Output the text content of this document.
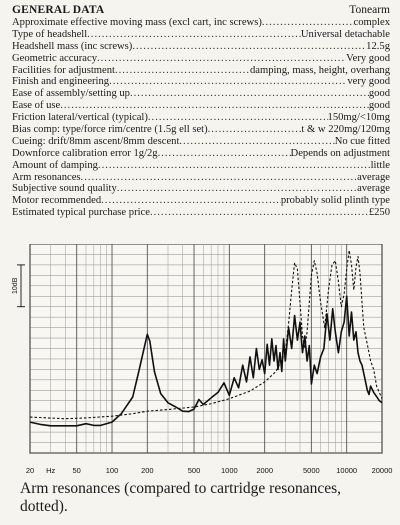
GENERAL DATA	Tonearm
Approximate effective moving mass (excl cart, inc screws) .....	complex
Type of headshell .....	Universal detachable
Headshell mass (inc screws) .....	12.5g
Geometric accuracy .....	Very good
Facilities for adjustment .....	damping, mass, height, overhang
Finish and engineering .....	very good
Ease of assembly/setting up .....	good
Ease of use .....	good
Friction lateral/vertical (typical) .....	150mg/<10mg
Bias comp: type/force rim/centre (1.5g ell set) .....	t & w 220mg/120mg
Cueing: drift/8mm ascent/8mm descent .....	No cue fitted
Downforce calibration error 1g/2g .....	Depends on adjustment
Amount of damping .....	little
Arm resonances .....	average
Subjective sound quality .....	average
Motor recommended .....	probably solid plinth type
Estimated typical purchase price .....	£250
20 Hz 50	100	200	500	1000 2000	5000 10000 20000
10dB
Arm resonances (compared to cartridge resonances, dotted).
